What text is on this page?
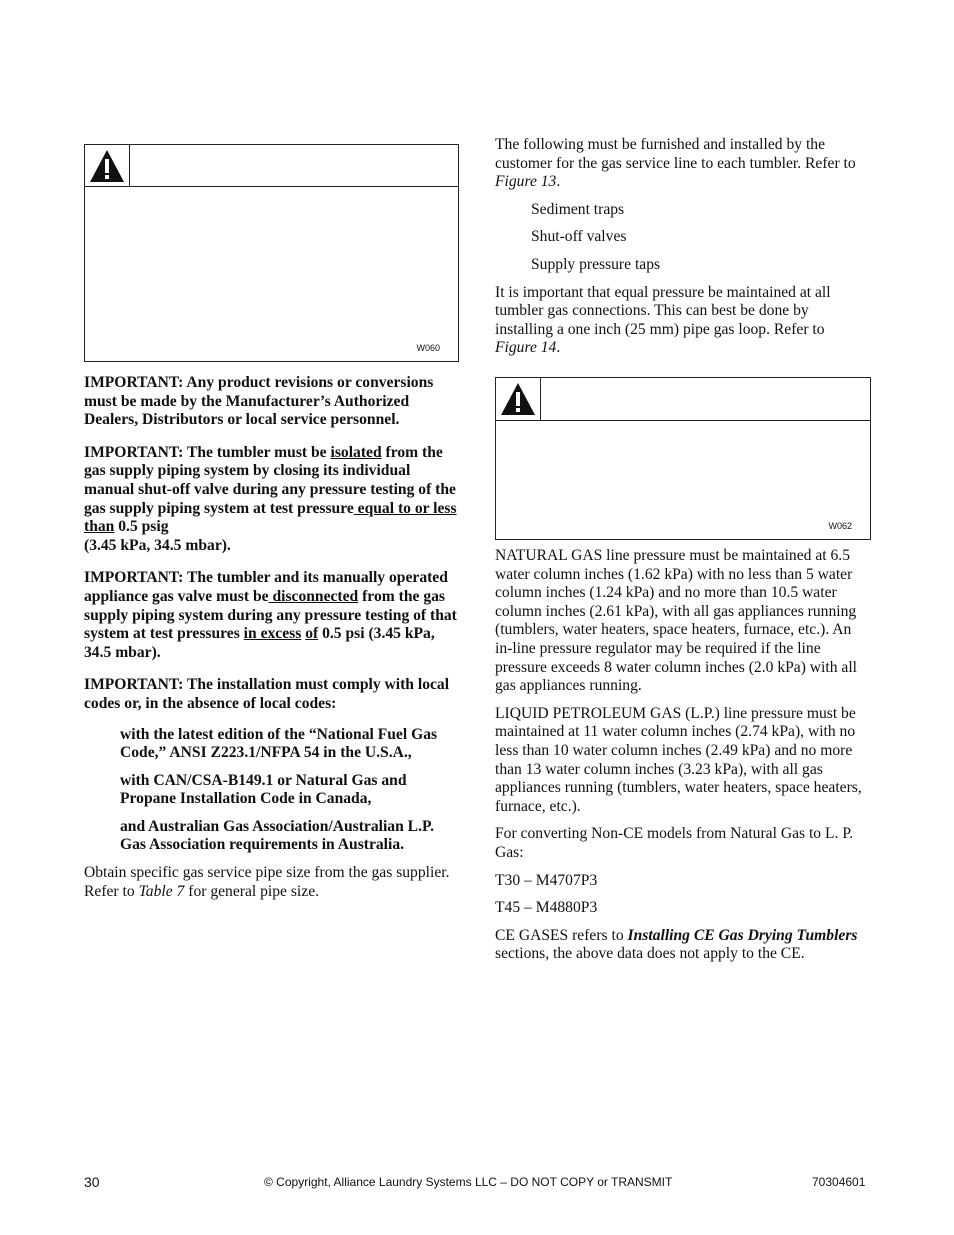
W060
W062

IMPORTANT: Any product revisions or conversions must be made by the Manufacturer’s Authorized Dealers, Distributors or local service personnel.

IMPORTANT: The tumbler must be isolated from the gas supply piping system by closing its individual manual shut-off valve during any pressure testing of the gas supply piping system at test pressure equal to or less than 0.5 psig
(3.45 kPa, 34.5 mbar).

IMPORTANT: The tumbler and its manually operated appliance gas valve must be disconnected from the gas supply piping system during any pressure testing of that system at test pressures in excess of 0.5 psi (3.45 kPa, 34.5 mbar).

IMPORTANT: The installation must comply with local codes or, in the absence of local codes:

with the latest edition of the “National Fuel Gas Code,” ANSI Z223.1/NFPA 54 in the U.S.A.,

with CAN/CSA-B149.1 or Natural Gas and Propane Installation Code in Canada,

and Australian Gas Association/Australian L.P. Gas Association requirements in Australia.

Obtain specific gas service pipe size from the gas supplier. Refer to Table 7 for general pipe size.

The following must be furnished and installed by the customer for the gas service line to each tumbler. Refer to Figure 13.

Sediment traps

Shut-off valves

Supply pressure taps

It is important that equal pressure be maintained at all tumbler gas connections. This can best be done by installing a one inch (25 mm) pipe gas loop. Refer to Figure 14.

NATURAL GAS line pressure must be maintained at 6.5 water column inches (1.62 kPa) with no less than 5 water column inches (1.24 kPa) and no more than 10.5 water column inches (2.61 kPa), with all gas appliances running (tumblers, water heaters, space heaters, furnace, etc.). An in-line pressure regulator may be required if the line pressure exceeds 8 water column inches (2.0 kPa) with all gas appliances running.

LIQUID PETROLEUM GAS (L.P.) line pressure must be maintained at 11 water column inches (2.74 kPa), with no less than 10 water column inches (2.49 kPa) and no more than 13 water column inches (3.23 kPa), with all gas appliances running (tumblers, water heaters, space heaters, furnace, etc.).

For converting Non-CE models from Natural Gas to L. P. Gas:

T30 – M4707P3

T45 – M4880P3

CE GASES refers to Installing CE Gas Drying Tumblers sections, the above data does not apply to the CE.

30	© Copyright, Alliance Laundry Systems LLC – DO NOT COPY or TRANSMIT	70304601
